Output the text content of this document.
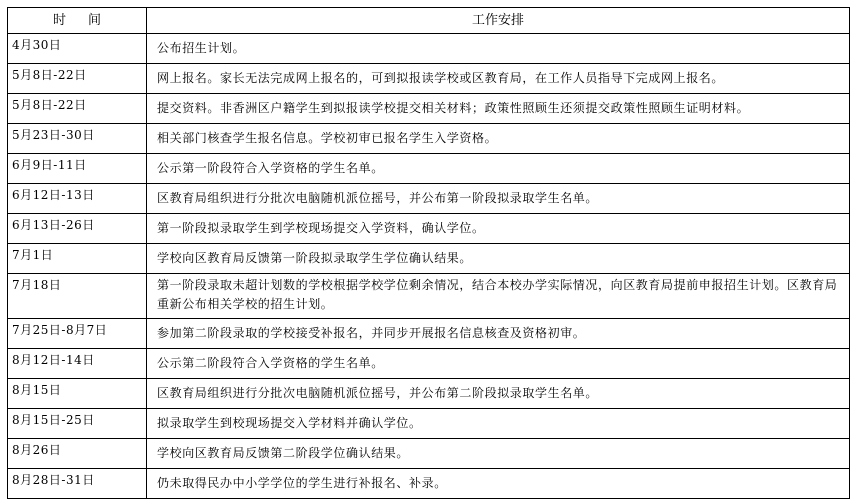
时间	工作安排
4月30日	公布招生计划。
5月8日-22日	网上报名。家长无法完成网上报名的，可到拟报读学校或区教育局，在工作人员指导下完成网上报名。
5月8日-22日	提交资料。非香洲区户籍学生到拟报读学校提交相关材料；政策性照顾生还须提交政策性照顾生证明材料。
5月23日-30日	相关部门核查学生报名信息。学校初审已报名学生入学资格。
6月9日-11日	公示第一阶段符合入学资格的学生名单。
6月12日-13日	区教育局组织进行分批次电脑随机派位摇号，并公布第一阶段拟录取学生名单。
6月13日-26日	第一阶段拟录取学生到学校现场提交入学资料，确认学位。
7月1日	学校向区教育局反馈第一阶段拟录取学生学位确认结果。
7月18日	第一阶段录取未超计划数的学校根据学校学位剩余情况，结合本校办学实际情况，向区教育局提前申报招生计划。区教育局重新公布相关学校的招生计划。
7月25日-8月7日	参加第二阶段录取的学校接受补报名，并同步开展报名信息核查及资格初审。
8月12日-14日	公示第二阶段符合入学资格的学生名单。
8月15日	区教育局组织进行分批次电脑随机派位摇号，并公布第二阶段拟录取学生名单。
8月15日-25日	拟录取学生到校现场提交入学材料并确认学位。
8月26日	学校向区教育局反馈第二阶段学位确认结果。
8月28日-31日	仍未取得民办中小学学位的学生进行补报名、补录。
